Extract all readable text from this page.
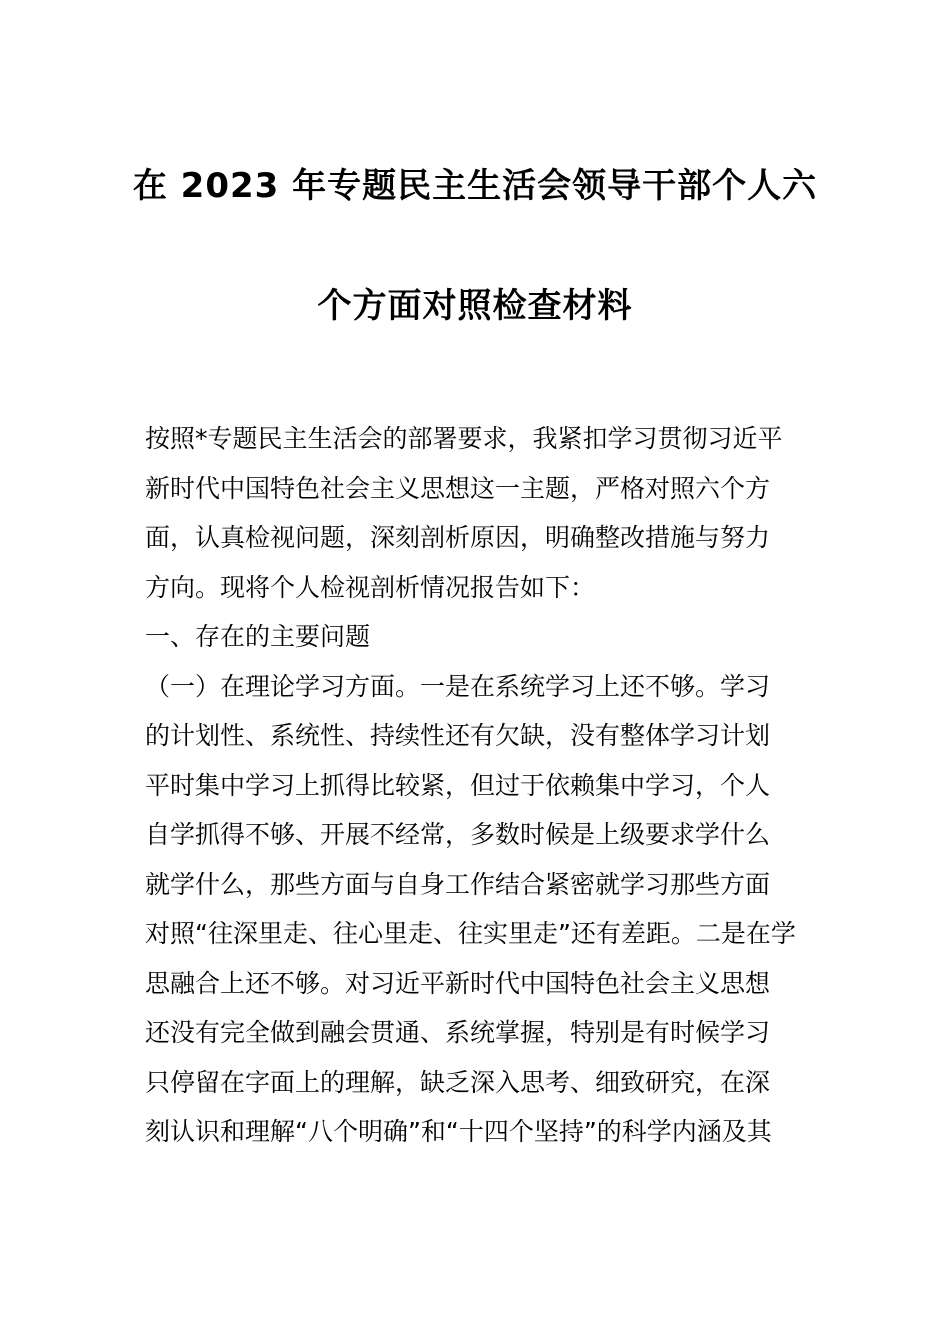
在 2023 年专题民主生活会领导干部个人六
个方面对照检查材料
按照*专题民主生活会的部署要求，我紧扣学习贯彻习近平
新时代中国特色社会主义思想这一主题，严格对照六个方
面，认真检视问题，深刻剖析原因，明确整改措施与努力
方向。现将个人检视剖析情况报告如下：
一、存在的主要问题
（一）在理论学习方面。一是在系统学习上还不够。学习
的计划性、系统性、持续性还有欠缺，没有整体学习计划
平时集中学习上抓得比较紧，但过于依赖集中学习，个人
自学抓得不够、开展不经常，多数时候是上级要求学什么
就学什么，那些方面与自身工作结合紧密就学习那些方面
对照“往深里走、往心里走、往实里走”还有差距。二是在学
思融合上还不够。对习近平新时代中国特色社会主义思想
还没有完全做到融会贯通、系统掌握，特别是有时候学习
只停留在字面上的理解，缺乏深入思考、细致研究，在深
刻认识和理解“八个明确”和“十四个坚持”的科学内涵及其
